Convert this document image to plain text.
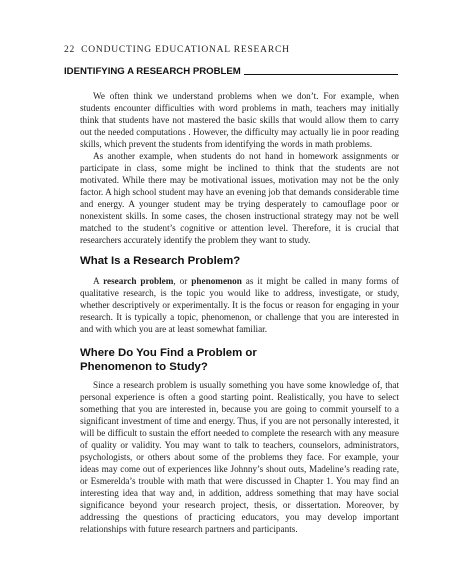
22 CONDUCTING EDUCATIONAL RESEARCH
IDENTIFYING A RESEARCH PROBLEM

We often think we understand problems when we don’t. For example, when students encounter difficulties with word problems in math, teachers may initially think that students have not mastered the basic skills that would allow them to carry out the needed computations . However, the difficulty may actually lie in poor reading skills, which prevent the students from identifying the words in math problems.

As another example, when students do not hand in homework assignments or participate in class, some might be inclined to think that the students are not motivated. While there may be motivational issues, motivation may not be the only factor. A high school student may have an evening job that demands considerable time and energy. A younger student may be trying desperately to camouflage poor or nonexistent skills. In some cases, the chosen instructional strategy may not be well matched to the student’s cognitive or attention level. Therefore, it is crucial that researchers accurately identify the problem they want to study.

What Is a Research Problem?

A research problem, or phenomenon as it might be called in many forms of qualitative research, is the topic you would like to address, investigate, or study, whether descriptively or experimentally. It is the focus or reason for engaging in your research. It is typically a topic, phenomenon, or challenge that you are interested in and with which you are at least somewhat familiar.

Where Do You Find a Problem or
Phenomenon to Study?

Since a research problem is usually something you have some knowledge of, that personal experience is often a good starting point. Realistically, you have to select something that you are interested in, because you are going to commit yourself to a significant investment of time and energy. Thus, if you are not personally interested, it will be difficult to sustain the effort needed to complete the research with any measure of quality or validity. You may want to talk to teachers, counselors, administrators, psychologists, or others about some of the problems they face. For example, your ideas may come out of experiences like Johnny’s shout outs, Madeline’s reading rate, or Esmerelda’s trouble with math that were discussed in Chapter 1. You may find an interesting idea that way and, in addition, address something that may have social significance beyond your research project, thesis, or dissertation. Moreover, by addressing the questions of practicing educators, you may develop important relationships with future research partners and participants.
